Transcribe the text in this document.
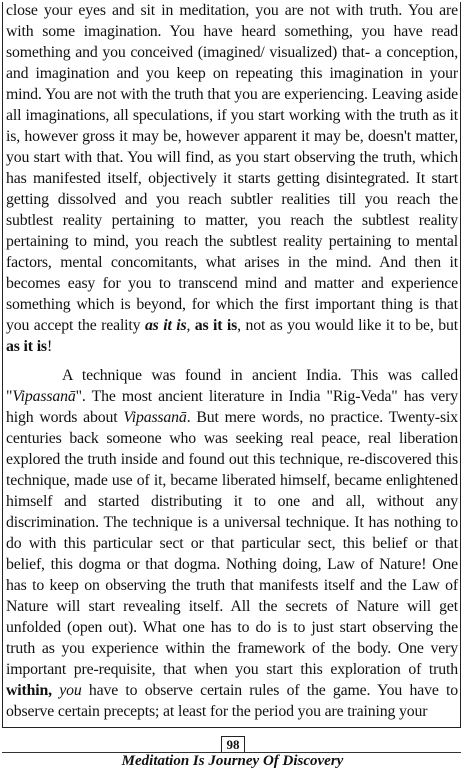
close your eyes and sit in meditation, you are not with truth. You are with some imagination. You have heard something, you have read something and you conceived (imagined/ visualized) that- a conception, and imagination and you keep on repeating this imagination in your mind. You are not with the truth that you are experiencing. Leaving aside all imaginations, all speculations, if you start working with the truth as it is, however gross it may be, however apparent it may be, doesn't matter, you start with that. You will find, as you start observing the truth, which has manifested itself, objectively it starts getting disintegrated. It start getting dissolved and you reach subtler realities till you reach the subtlest reality pertaining to matter, you reach the subtlest reality pertaining to mind, you reach the subtlest reality pertaining to mental factors, mental concomitants, what arises in the mind. And then it becomes easy for you to transcend mind and matter and experience something which is beyond, for which the first important thing is that you accept the reality as it is, as it is, not as you would like it to be, but as it is!

A technique was found in ancient India. This was called "Vipassanā". The most ancient literature in India "Rig-Veda" has very high words about Vipassanā. But mere words, no practice. Twenty-six centuries back someone who was seeking real peace, real liberation explored the truth inside and found out this technique, re-discovered this technique, made use of it, became liberated himself, became enlightened himself and started distributing it to one and all, without any discrimination. The technique is a universal technique. It has nothing to do with this particular sect or that particular sect, this belief or that belief, this dogma or that dogma. Nothing doing, Law of Nature! One has to keep on observing the truth that manifests itself and the Law of Nature will start revealing itself. All the secrets of Nature will get unfolded (open out). What one has to do is to just start observing the truth as you experience within the framework of the body. One very important pre-requisite, that when you start this exploration of truth within, you have to observe certain rules of the game. You have to observe certain precepts; at least for the period you are training your

98
Meditation Is Journey Of Discovery
